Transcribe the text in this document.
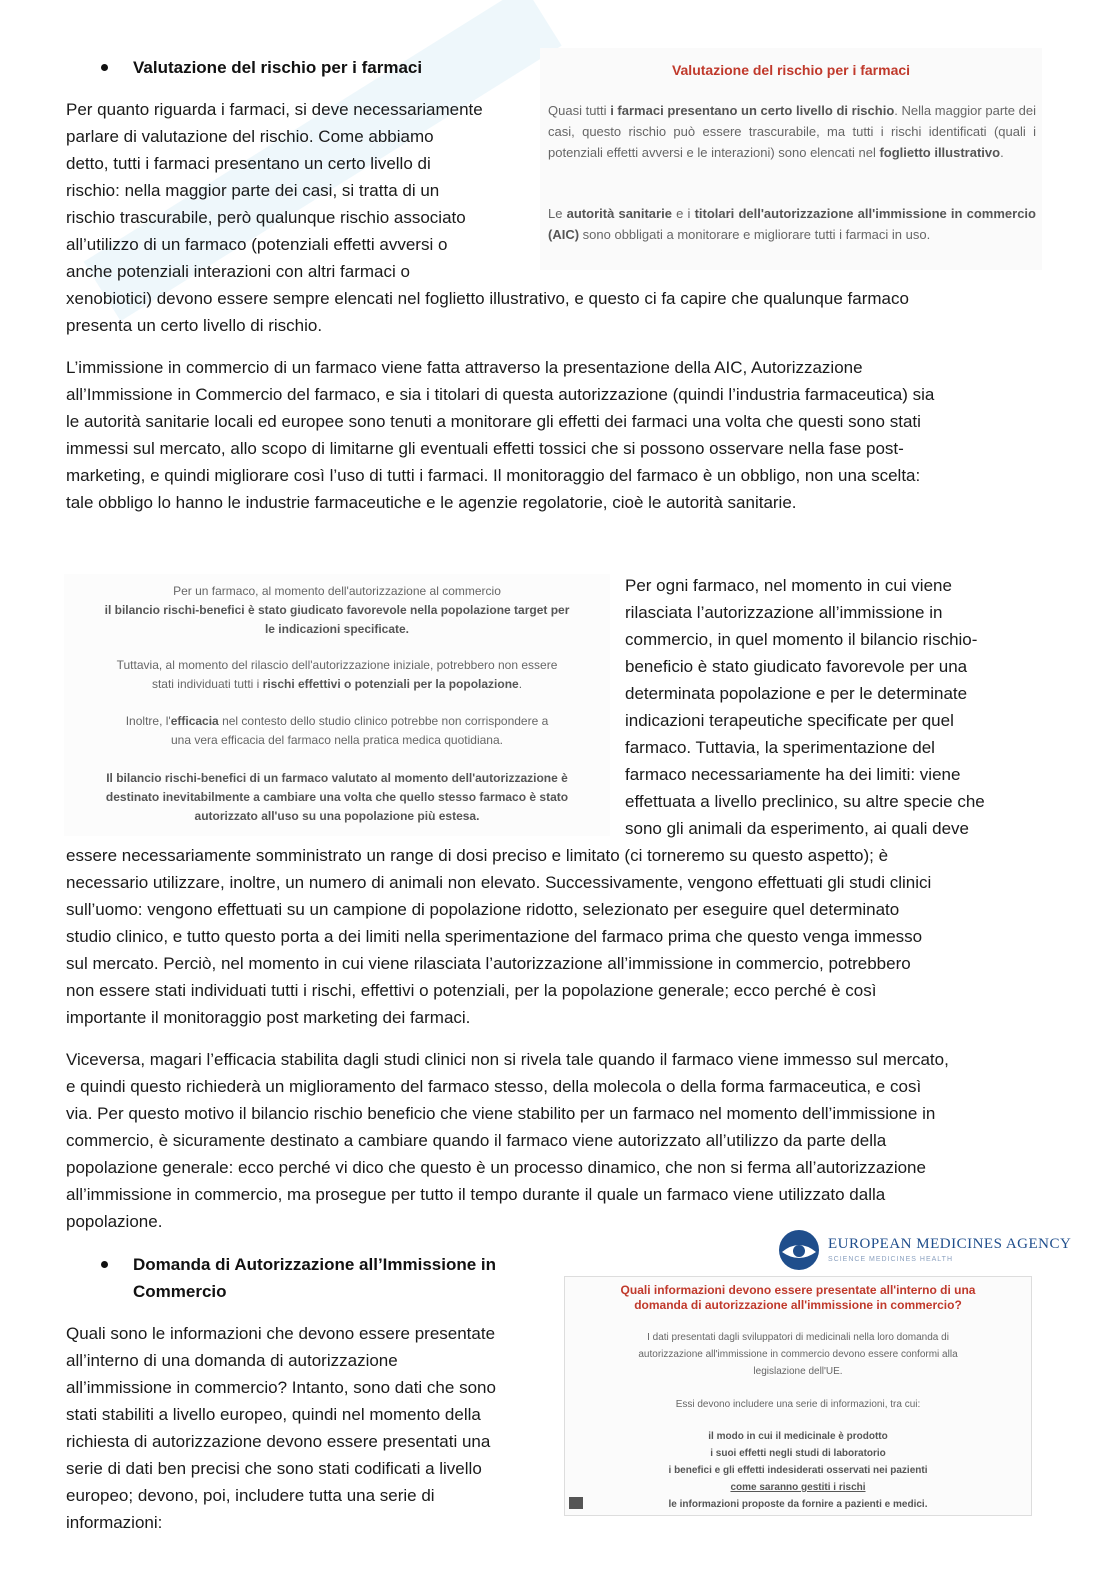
Valutazione del rischio per i farmaci	Valutazione del rischio per i farmaci
Quasi tutti i farmaci presentano un certo livello di rischio. Nella maggior parte dei casi, questo rischio può essere trascurabile, ma tutti i rischi identificati (quali i potenziali effetti avversi e le interazioni) sono elencati nel foglietto illustrativo.
Le autorità sanitarie e i titolari dell'autorizzazione all'immissione in commercio (AIC) sono obbligati a monitorare e migliorare tutti i farmaci in uso.
Per quanto riguarda i farmaci, si deve necessariamente
parlare di valutazione del rischio. Come abbiamo
detto, tutti i farmaci presentano un certo livello di
rischio: nella maggior parte dei casi, si tratta di un
rischio trascurabile, però qualunque rischio associato
all’utilizzo di un farmaco (potenziali effetti avversi o
anche potenziali interazioni con altri farmaci o
xenobiotici) devono essere sempre elencati nel foglietto illustrativo, e questo ci fa capire che qualunque farmaco
presenta un certo livello di rischio.
L’immissione in commercio di un farmaco viene fatta attraverso la presentazione della AIC, Autorizzazione
all’Immissione in Commercio del farmaco, e sia i titolari di questa autorizzazione (quindi l’industria farmaceutica) sia
le autorità sanitarie locali ed europee sono tenuti a monitorare gli effetti dei farmaci una volta che questi sono stati
immessi sul mercato, allo scopo di limitarne gli eventuali effetti tossici che si possono osservare nella fase post-
marketing, e quindi migliorare così l’uso di tutti i farmaci. Il monitoraggio del farmaco è un obbligo, non una scelta:
tale obbligo lo hanno le industrie farmaceutiche e le agenzie regolatorie, cioè le autorità sanitarie.
Per un farmaco, al momento dell'autorizzazione al commercio
il bilancio rischi-benefici è stato giudicato favorevole nella popolazione target per
le indicazioni specificate.
Tuttavia, al momento del rilascio dell'autorizzazione iniziale, potrebbero non essere
stati individuati tutti i rischi effettivi o potenziali per la popolazione.
Inoltre, l'efficacia nel contesto dello studio clinico potrebbe non corrispondere a
una vera efficacia del farmaco nella pratica medica quotidiana.
Il bilancio rischi-benefici di un farmaco valutato al momento dell'autorizzazione è
destinato inevitabilmente a cambiare una volta che quello stesso farmaco è stato
autorizzato all'uso su una popolazione più estesa.
Per ogni farmaco, nel momento in cui viene
rilasciata l’autorizzazione all’immissione in
commercio, in quel momento il bilancio rischio-
beneficio è stato giudicato favorevole per una
determinata popolazione e per le determinate
indicazioni terapeutiche specificate per quel
farmaco. Tuttavia, la sperimentazione del
farmaco necessariamente ha dei limiti: viene
effettuata a livello preclinico, su altre specie che
sono gli animali da esperimento, ai quali deve
essere necessariamente somministrato un range di dosi preciso e limitato (ci torneremo su questo aspetto); è
necessario utilizzare, inoltre, un numero di animali non elevato. Successivamente, vengono effettuati gli studi clinici
sull’uomo: vengono effettuati su un campione di popolazione ridotto, selezionato per eseguire quel determinato
studio clinico, e tutto questo porta a dei limiti nella sperimentazione del farmaco prima che questo venga immesso
sul mercato. Perciò, nel momento in cui viene rilasciata l’autorizzazione all’immissione in commercio, potrebbero
non essere stati individuati tutti i rischi, effettivi o potenziali, per la popolazione generale; ecco perché è così
importante il monitoraggio post marketing dei farmaci.
Viceversa, magari l’efficacia stabilita dagli studi clinici non si rivela tale quando il farmaco viene immesso sul mercato,
e quindi questo richiederà un miglioramento del farmaco stesso, della molecola o della forma farmaceutica, e così
via. Per questo motivo il bilancio rischio beneficio che viene stabilito per un farmaco nel momento dell’immissione in
commercio, è sicuramente destinato a cambiare quando il farmaco viene autorizzato all’utilizzo da parte della
popolazione generale: ecco perché vi dico che questo è un processo dinamico, che non si ferma all’autorizzazione
all’immissione in commercio, ma prosegue per tutto il tempo durante il quale un farmaco viene utilizzato dalla
popolazione.
Domanda di Autorizzazione all’Immissione in
Commercio
EUROPEAN MEDICINES AGENCY
SCIENCE MEDICINES HEALTH
Quali informazioni devono essere presentate all'interno di una
domanda di autorizzazione all'immissione in commercio?
I dati presentati dagli sviluppatori di medicinali nella loro domanda di
autorizzazione all'immissione in commercio devono essere conformi alla
legislazione dell'UE.
Essi devono includere una serie di informazioni, tra cui:
il modo in cui il medicinale è prodotto
i suoi effetti negli studi di laboratorio
i benefici e gli effetti indesiderati osservati nei pazienti
come saranno gestiti i rischi
le informazioni proposte da fornire a pazienti e medici.
Quali sono le informazioni che devono essere presentate
all’interno di una domanda di autorizzazione
all’immissione in commercio? Intanto, sono dati che sono
stati stabiliti a livello europeo, quindi nel momento della
richiesta di autorizzazione devono essere presentati una
serie di dati ben precisi che sono stati codificati a livello
europeo; devono, poi, includere tutta una serie di
informazioni:
